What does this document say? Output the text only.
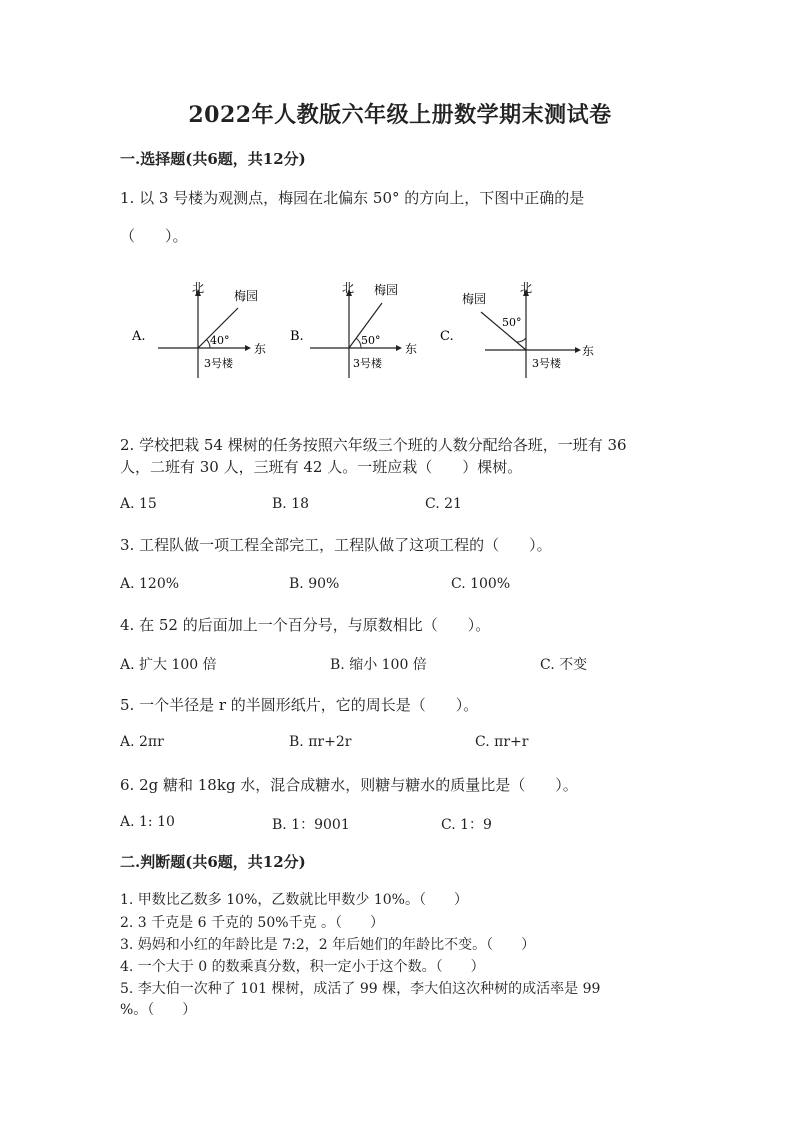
2022年人教版六年级上册数学期末测试卷
一.选择题(共6题，共12分)
1. 以 3 号楼为观测点，梅园在北偏东 50° 的方向上，下图中正确的是
（　　）。
A.
北
东
梅园
40°
3号楼
B.
北
东
梅园
50°
3号楼
C.
北
东
梅园
50°
3号楼
2. 学校把栽 54 棵树的任务按照六年级三个班的人数分配给各班，一班有 36
人，二班有 30 人，三班有 42 人。一班应栽（　　）棵树。
A. 15	B. 18	C. 21
3. 工程队做一项工程全部完工，工程队做了这项工程的（　　）。
A. 120%	B. 90%	C. 100%
4. 在 52 的后面加上一个百分号，与原数相比（　　）。
A. 扩大 100 倍	B. 缩小 100 倍	C. 不变
5. 一个半径是 r 的半圆形纸片，它的周长是（　　）。
A. 2πr	B. πr+2r	C. πr+r
6. 2g 糖和 18kg 水，混合成糖水，则糖与糖水的质量比是（　　）。
A. 1: 10	B. 1：9001	C. 1：9
二.判断题(共6题，共12分)
1. 甲数比乙数多 10%，乙数就比甲数少 10%。（　　）
2. 3 千克是 6 千克的 50%千克 。（　　）
3. 妈妈和小红的年龄比是 7:2，2 年后她们的年龄比不变。（　　）
4. 一个大于 0 的数乘真分数，积一定小于这个数。（　　）
5. 李大伯一次种了 101 棵树，成活了 99 棵，李大伯这次种树的成活率是 99
%。（　　）
